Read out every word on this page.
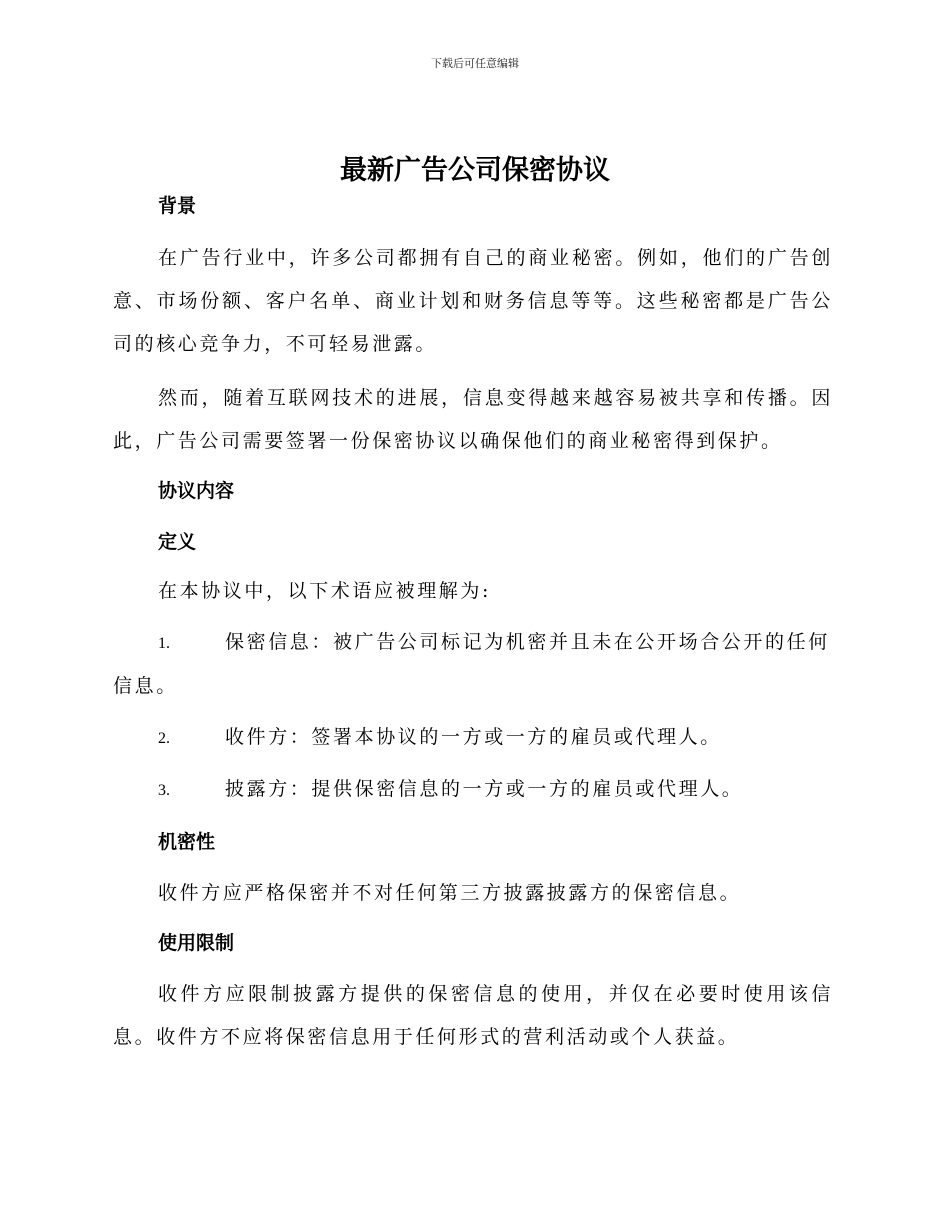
下载后可任意编辑
最新广告公司保密协议
背景

在广告行业中，许多公司都拥有自己的商业秘密。例如，他们的广告创意、市场份额、客户名单、商业计划和财务信息等等。这些秘密都是广告公司的核心竞争力，不可轻易泄露。

然而，随着互联网技术的进展，信息变得越来越容易被共享和传播。因此，广告公司需要签署一份保密协议以确保他们的商业秘密得到保护。

协议内容
定义

在本协议中，以下术语应被理解为:

1.	保密信息：被广告公司标记为机密并且未在公开场合公开的任何信息。
2.	收件方：签署本协议的一方或一方的雇员或代理人。
3.	披露方：提供保密信息的一方或一方的雇员或代理人。
机密性

收件方应严格保密并不对任何第三方披露披露方的保密信息。

使用限制

收件方应限制披露方提供的保密信息的使用，并仅在必要时使用该信息。收件方不应将保密信息用于任何形式的营利活动或个人获益。
